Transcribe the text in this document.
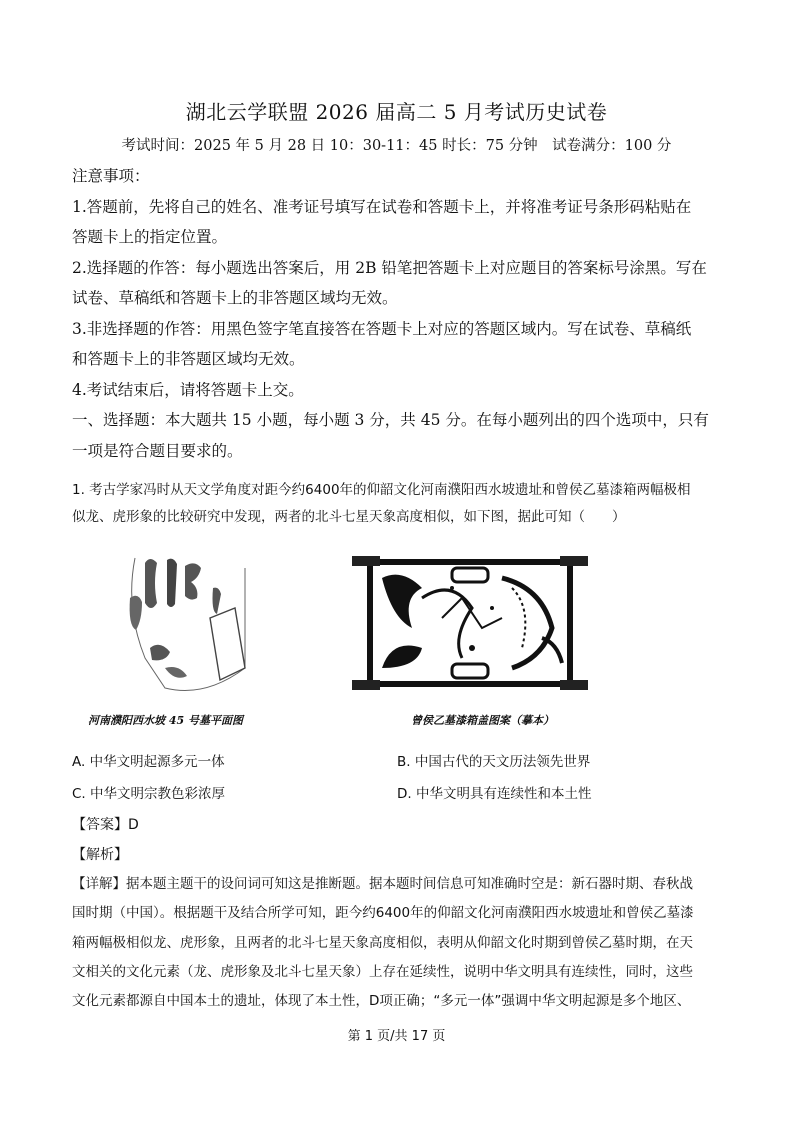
湖北云学联盟 2026 届高二 5 月考试历史试卷
考试时间：2025 年 5 月 28 日 10：30-11：45 时长：75 分钟　试卷满分：100 分
注意事项：
1.答题前，先将自己的姓名、准考证号填写在试卷和答题卡上，并将准考证号条形码粘贴在
答题卡上的指定位置。
2.选择题的作答：每小题选出答案后，用 2B 铅笔把答题卡上对应题目的答案标号涂黑。写在
试卷、草稿纸和答题卡上的非答题区域均无效。
3.非选择题的作答：用黑色签字笔直接答在答题卡上对应的答题区域内。写在试卷、草稿纸
和答题卡上的非答题区域均无效。
4.考试结束后，请将答题卡上交。
一、选择题：本大题共 15 小题，每小题 3 分，共 45 分。在每小题列出的四个选项中，只有
一项是符合题目要求的。
1. 考古学家冯时从天文学角度对距今约6400年的仰韶文化河南濮阳西水坡遗址和曾侯乙墓漆箱两幅极相
似龙、虎形象的比较研究中发现，两者的北斗七星天象高度相似，如下图，据此可知（　　）
河南濮阳西水坡 45 号墓平面图	曾侯乙墓漆箱盖图案（摹本）
A. 中华文明起源多元一体	B. 中国古代的天文历法领先世界
C. 中华文明宗教色彩浓厚	D. 中华文明具有连续性和本土性
【答案】D
【解析】
【详解】据本题主题干的设问词可知这是推断题。据本题时间信息可知准确时空是：新石器时期、春秋战
国时期（中国）。根据题干及结合所学可知，距今约6400年的仰韶文化河南濮阳西水坡遗址和曾侯乙墓漆
箱两幅极相似龙、虎形象，且两者的北斗七星天象高度相似，表明从仰韶文化时期到曾侯乙墓时期，在天
文相关的文化元素（龙、虎形象及北斗七星天象）上存在延续性，说明中华文明具有连续性，同时，这些
文化元素都源自中国本土的遗址，体现了本土性，D项正确；“多元一体”强调中华文明起源是多个地区、
第 1 页/共 17 页
